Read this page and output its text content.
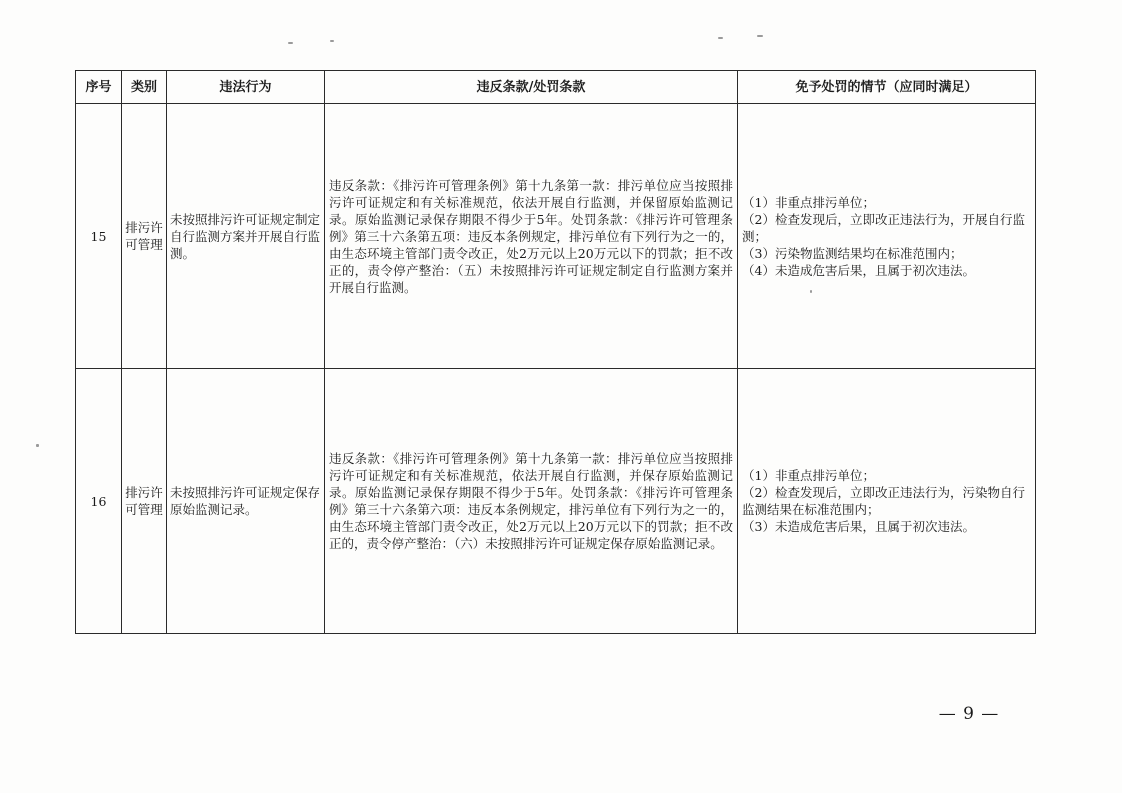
序号	类别	违法行为	违反条款/处罚条款	免予处罚的情节（应同时满足）
15	排污许可管理	未按照排污许可证规定制定自行监测方案并开展自行监测。	违反条款：《排污许可管理条例》第十九条第一款：排污单位应当按照排污许可证规定和有关标准规范，依法开展自行监测，并保留原始监测记录。原始监测记录保存期限不得少于5年。处罚条款：《排污许可管理条例》第三十六条第五项：违反本条例规定，排污单位有下列行为之一的，由生态环境主管部门责令改正，处2万元以上20万元以下的罚款；拒不改正的，责令停产整治：（五）未按照排污许可证规定制定自行监测方案并开展自行监测。	（1）非重点排污单位；
（2）检查发现后，立即改正违法行为，开展自行监测；
（3）污染物监测结果均在标准范围内；
（4）未造成危害后果，且属于初次违法。

16	排污许可管理	未按照排污许可证规定保存原始监测记录。	违反条款：《排污许可管理条例》第十九条第一款：排污单位应当按照排污许可证规定和有关标准规范，依法开展自行监测，并保存原始监测记录。原始监测记录保存期限不得少于5年。处罚条款：《排污许可管理条例》第三十六条第六项：违反本条例规定，排污单位有下列行为之一的，由生态环境主管部门责令改正，处2万元以上20万元以下的罚款；拒不改正的，责令停产整治：（六）未按照排污许可证规定保存原始监测记录。	（1）非重点排污单位；
（2）检查发现后，立即改正违法行为，污染物自行监测结果在标准范围内；
（3）未造成危害后果，且属于初次违法。
— 9 —
